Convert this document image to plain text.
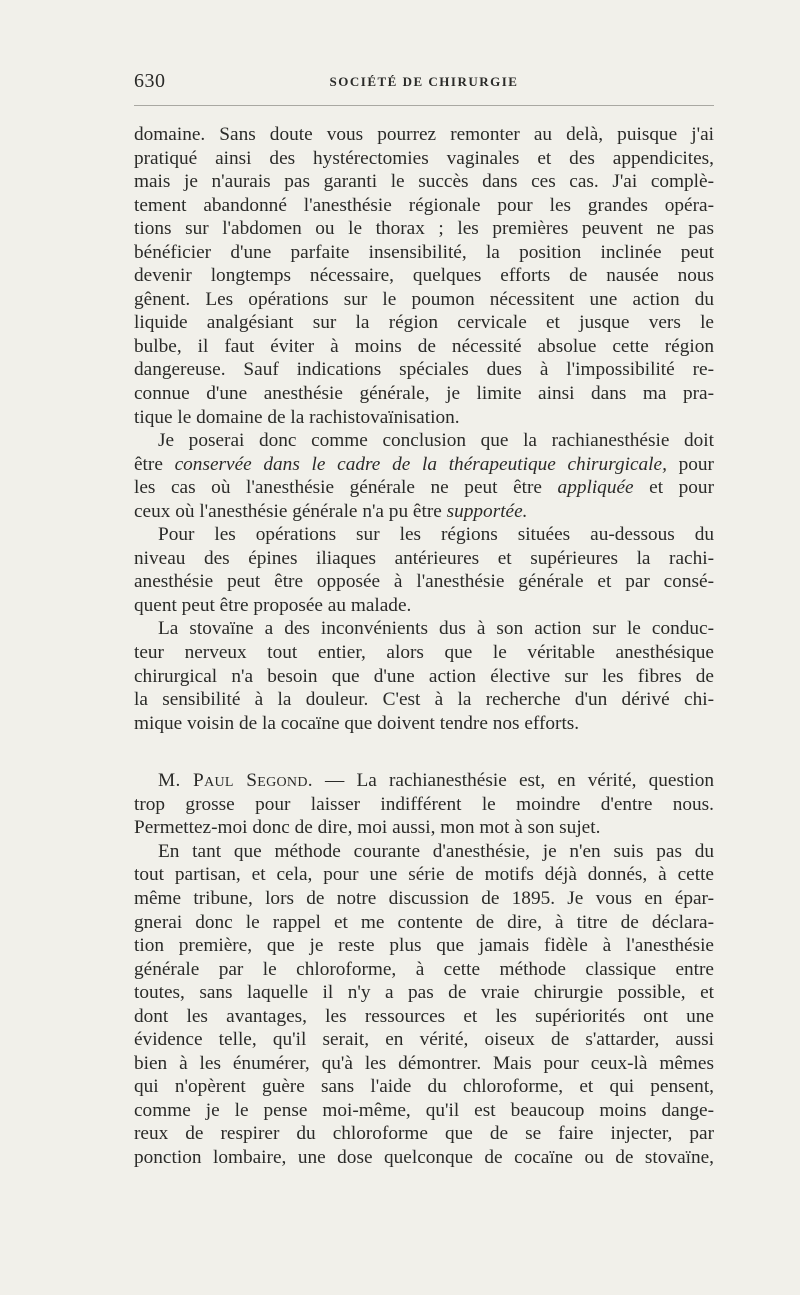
630	SOCIÉTÉ DE CHIRURGIE

domaine. Sans doute vous pourrez remonter au delà, puisque j'ai
pratiqué ainsi des hystérectomies vaginales et des appendicites,
mais je n'aurais pas garanti le succès dans ces cas. J'ai complè-
tement abandonné l'anesthésie régionale pour les grandes opéra-
tions sur l'abdomen ou le thorax ; les premières peuvent ne pas
bénéficier d'une parfaite insensibilité, la position inclinée peut
devenir longtemps nécessaire, quelques efforts de nausée nous
gênent. Les opérations sur le poumon nécessitent une action du
liquide analgésiant sur la région cervicale et jusque vers le
bulbe, il faut éviter à moins de nécessité absolue cette région
dangereuse. Sauf indications spéciales dues à l'impossibilité re-
connue d'une anesthésie générale, je limite ainsi dans ma pra-
tique le domaine de la rachistovaïnisation.

Je poserai donc comme conclusion que la rachianesthésie doit
être conservée dans le cadre de la thérapeutique chirurgicale, pour
les cas où l'anesthésie générale ne peut être appliquée et pour
ceux où l'anesthésie générale n'a pu être supportée.

Pour les opérations sur les régions situées au-dessous du
niveau des épines iliaques antérieures et supérieures la rachi-
anesthésie peut être opposée à l'anesthésie générale et par consé-
quent peut être proposée au malade.

La stovaïne a des inconvénients dus à son action sur le conduc-
teur nerveux tout entier, alors que le véritable anesthésique
chirurgical n'a besoin que d'une action élective sur les fibres de
la sensibilité à la douleur. C'est à la recherche d'un dérivé chi-
mique voisin de la cocaïne que doivent tendre nos efforts.

M. Paul Segond. — La rachianesthésie est, en vérité, question
trop grosse pour laisser indifférent le moindre d'entre nous.
Permettez-moi donc de dire, moi aussi, mon mot à son sujet.

En tant que méthode courante d'anesthésie, je n'en suis pas du
tout partisan, et cela, pour une série de motifs déjà donnés, à cette
même tribune, lors de notre discussion de 1895. Je vous en épar-
gnerai donc le rappel et me contente de dire, à titre de déclara-
tion première, que je reste plus que jamais fidèle à l'anesthésie
générale par le chloroforme, à cette méthode classique entre
toutes, sans laquelle il n'y a pas de vraie chirurgie possible, et
dont les avantages, les ressources et les supériorités ont une
évidence telle, qu'il serait, en vérité, oiseux de s'attarder, aussi
bien à les énumérer, qu'à les démontrer. Mais pour ceux-là mêmes
qui n'opèrent guère sans l'aide du chloroforme, et qui pensent,
comme je le pense moi-même, qu'il est beaucoup moins dange-
reux de respirer du chloroforme que de se faire injecter, par
ponction lombaire, une dose quelconque de cocaïne ou de stovaïne,
